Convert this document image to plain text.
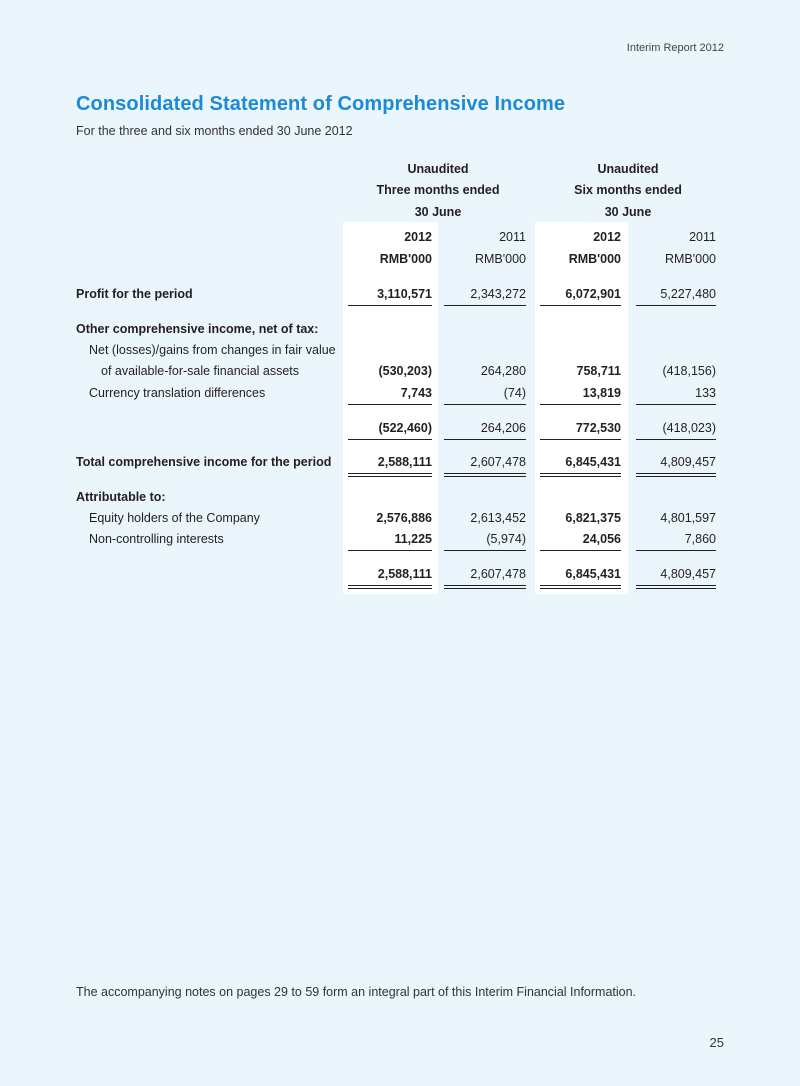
Interim Report 2012
Consolidated Statement of Comprehensive Income
For the three and six months ended 30 June 2012
Unaudited
Three months ended
30 June
Unaudited
Six months ended
30 June
2012	2011	2012	2011
RMB'000	RMB'000	RMB'000	RMB'000
Profit for the period	3,110,571	2,343,272	6,072,901	5,227,480
Other comprehensive income, net of tax:
Net (losses)/gains from changes in fair value
of available-for-sale financial assets	(530,203)	264,280	758,711	(418,156)
Currency translation differences	7,743	(74)	13,819	133
(522,460)	264,206	772,530	(418,023)
Total comprehensive income for the period	2,588,111	2,607,478	6,845,431	4,809,457
Attributable to:
Equity holders of the Company	2,576,886	2,613,452	6,821,375	4,801,597
Non-controlling interests	11,225	(5,974)	24,056	7,860
2,588,111	2,607,478	6,845,431	4,809,457
The accompanying notes on pages 29 to 59 form an integral part of this Interim Financial Information.
25
